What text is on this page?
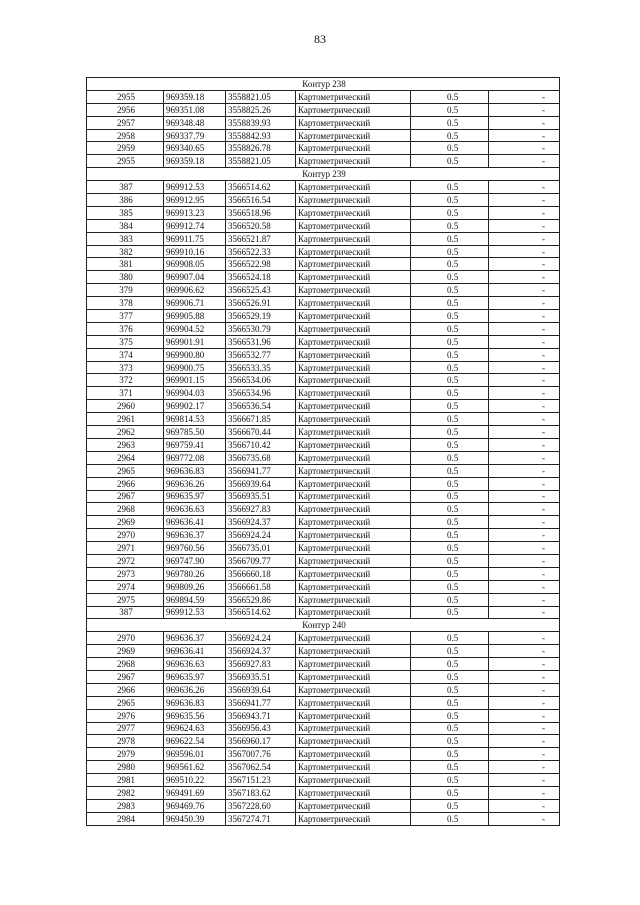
83
Контур 238					
2955	969359.18	3558821.05	Картометрический	0.5	-
2956	969351.08	3558825.26	Картометрический	0.5	-
2957	969348.48	3558839.93	Картометрический	0.5	-
2958	969337.79	3558842.93	Картометрический	0.5	-
2959	969340.65	3558826.78	Картометрический	0.5	-
2955	969359.18	3558821.05	Картометрический	0.5	-
Контур 239					
387	969912.53	3566514.62	Картометрический	0.5	-
386	969912.95	3566516.54	Картометрический	0.5	-
385	969913.23	3566518.96	Картометрический	0.5	-
384	969912.74	3566520.58	Картометрический	0.5	-
383	969911.75	3566521.87	Картометрический	0.5	-
382	969910.16	3566522.33	Картометрический	0.5	-
381	969908.05	3566522.98	Картометрический	0.5	-
380	969907.04	3566524.18	Картометрический	0.5	-
379	969906.62	3566525.43	Картометрический	0.5	-
378	969906.71	3566526.91	Картометрический	0.5	-
377	969905.88	3566529.19	Картометрический	0.5	-
376	969904.52	3566530.79	Картометрический	0.5	-
375	969901.91	3566531.96	Картометрический	0.5	-
374	969900.80	3566532.77	Картометрический	0.5	-
373	969900.75	3566533.35	Картометрический	0.5	-
372	969901.15	3566534.06	Картометрический	0.5	-
371	969904.03	3566534.96	Картометрический	0.5	-
2960	969902.17	3566536.54	Картометрический	0.5	-
2961	969814.53	3566671.85	Картометрический	0.5	-
2962	969785.50	3566670.44	Картометрический	0.5	-
2963	969759.41	3566710.42	Картометрический	0.5	-
2964	969772.08	3566735.68	Картометрический	0.5	-
2965	969636.83	3566941.77	Картометрический	0.5	-
2966	969636.26	3566939.64	Картометрический	0.5	-
2967	969635.97	3566935.51	Картометрический	0.5	-
2968	969636.63	3566927.83	Картометрический	0.5	-
2969	969636.41	3566924.37	Картометрический	0.5	-
2970	969636.37	3566924.24	Картометрический	0.5	-
2971	969760.56	3566735.01	Картометрический	0.5	-
2972	969747.90	3566709.77	Картометрический	0.5	-
2973	969780.26	3566660.18	Картометрический	0.5	-
2974	969809.26	3566661.58	Картометрический	0.5	-
2975	969894.59	3566529.86	Картометрический	0.5	-
387	969912.53	3566514.62	Картометрический	0.5	-
Контур 240					
2970	969636.37	3566924.24	Картометрический	0.5	-
2969	969636.41	3566924.37	Картометрический	0.5	-
2968	969636.63	3566927.83	Картометрический	0.5	-
2967	969635.97	3566935.51	Картометрический	0.5	-
2966	969636.26	3566939.64	Картометрический	0.5	-
2965	969636.83	3566941.77	Картометрический	0.5	-
2976	969635.56	3566943.71	Картометрический	0.5	-
2977	969624.63	3566956.43	Картометрический	0.5	-
2978	969622.54	3566960.17	Картометрический	0.5	-
2979	969596.01	3567007.76	Картометрический	0.5	-
2980	969561.62	3567062.54	Картометрический	0.5	-
2981	969510.22	3567151.23	Картометрический	0.5	-
2982	969491.69	3567183.62	Картометрический	0.5	-
2983	969469.76	3567228.60	Картометрический	0.5	-
2984	969450.39	3567274.71	Картометрический	0.5	-
